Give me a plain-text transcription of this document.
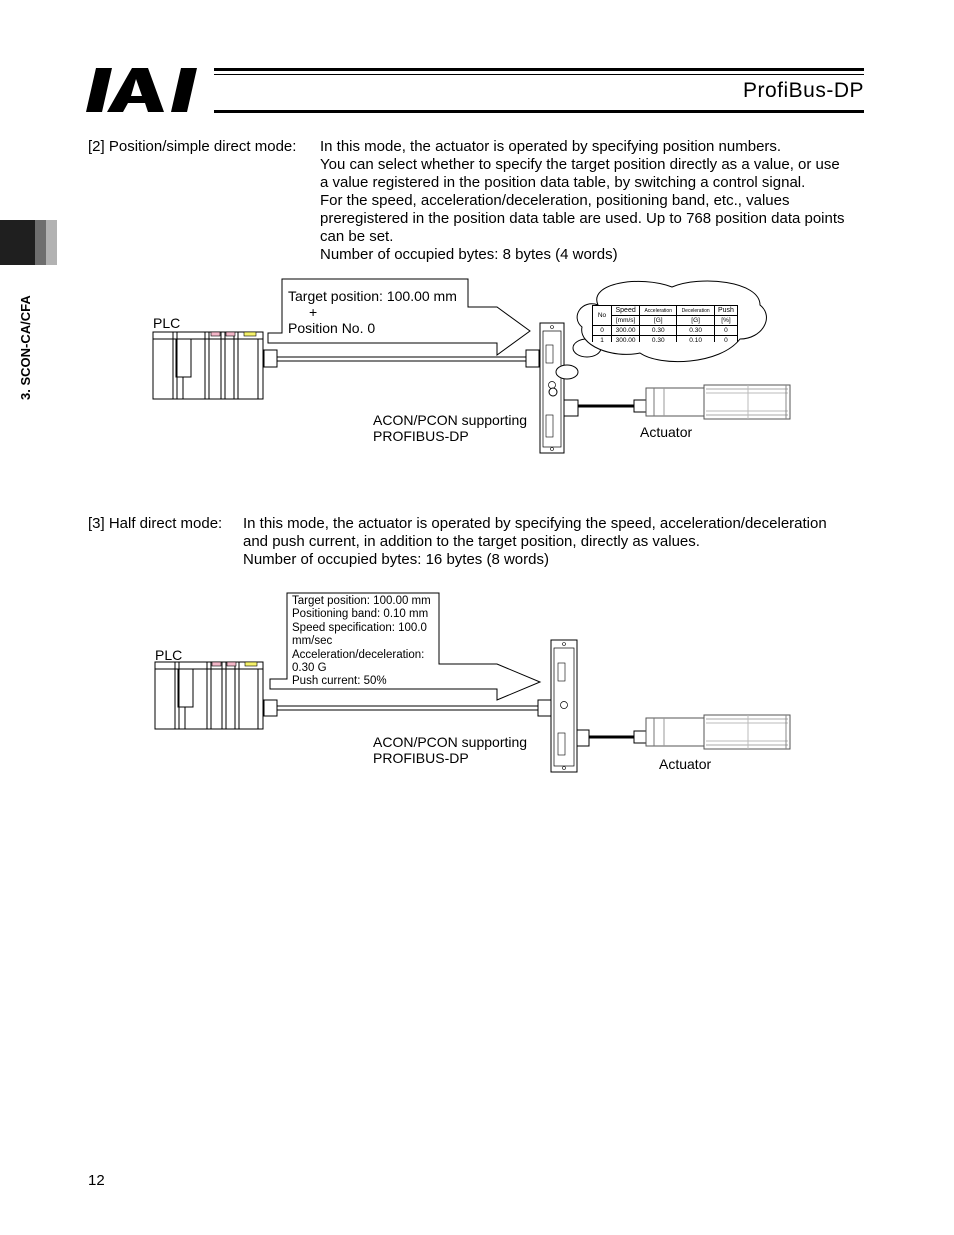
ProfiBus-DP
3. SCON-CA/CFA
[2] Position/simple direct mode: In this mode, the actuator is operated by specifying position numbers.
You can select whether to specify the target position directly as a value, or use
a value registered in the position data table, by switching a control signal.
For the speed, acceleration/deceleration, positioning band, etc., values
preregistered in the position data table are used. Up to 768 position data points
can be set.
Number of occupied bytes: 8 bytes (4 words)
PLC
Target position: 100.00 mm
+
Position No. 0
No	Speed	Acceleration	Deceleration	Push
	[mm/s]	[G]	[G]	[%]
0	300.00	0.30	0.30	0
1	300.00	0.30	0.10	0
ACON/PCON supporting
PROFIBUS-DP	Actuator
[3] Half direct mode: In this mode, the actuator is operated by specifying the speed, acceleration/deceleration
and push current, in addition to the target position, directly as values.
Number of occupied bytes: 16 bytes (8 words)
PLC
Target position: 100.00 mm
Positioning band: 0.10 mm
Speed specification: 100.0
mm/sec
Acceleration/deceleration:
0.30 G
Push current: 50%
ACON/PCON supporting
PROFIBUS-DP	Actuator
12
